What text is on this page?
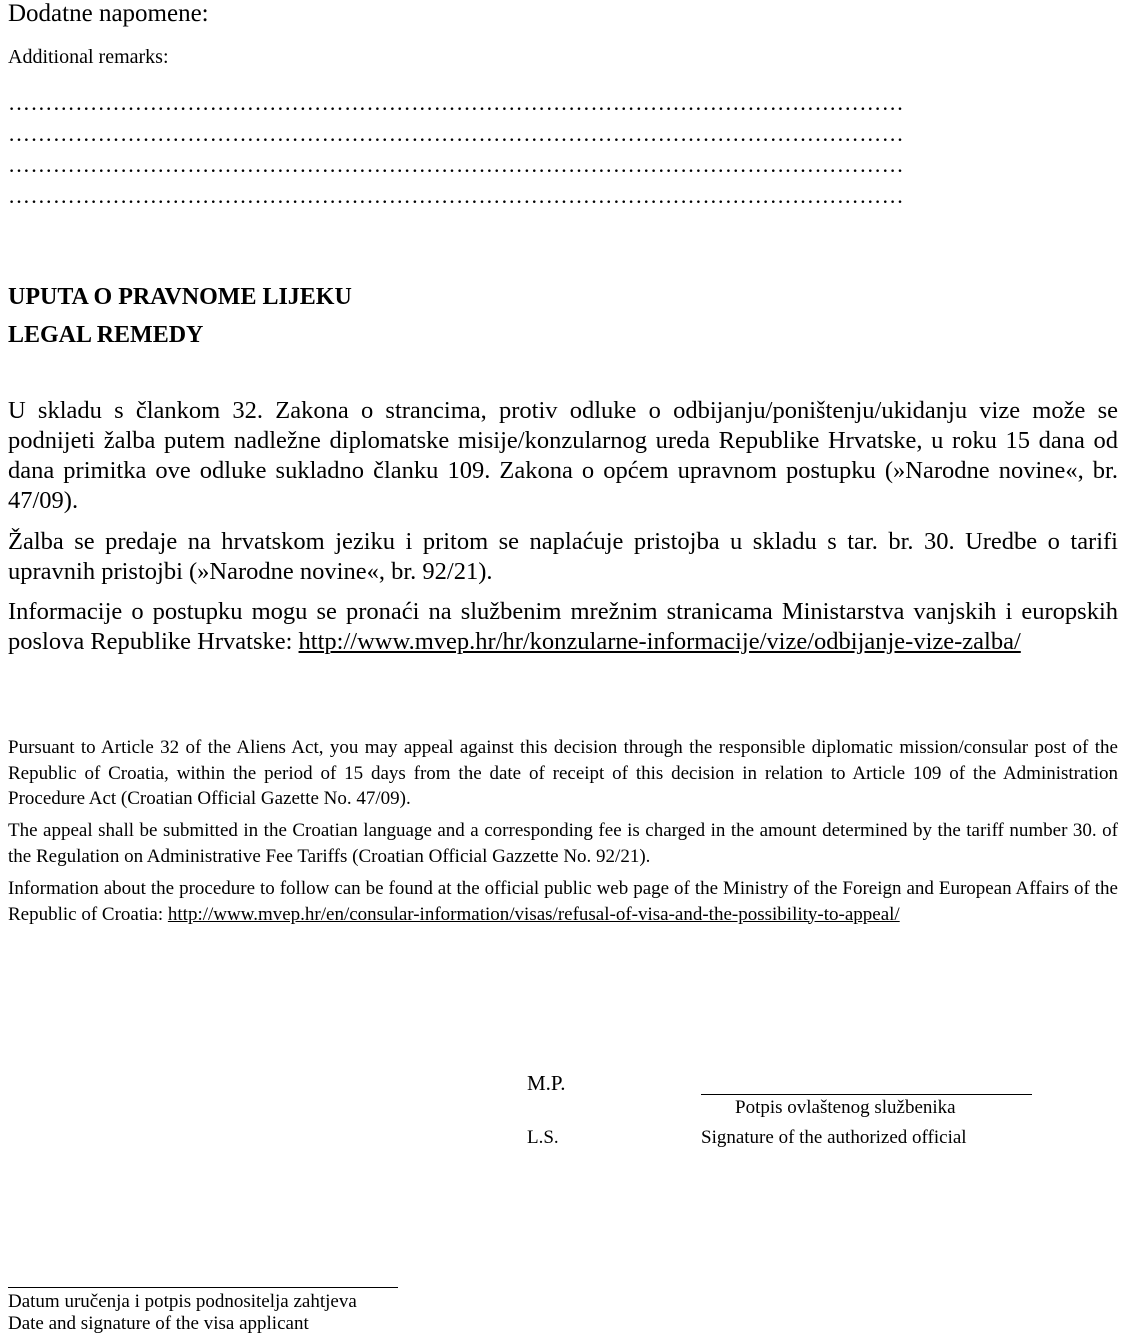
Dodatne napomene:

Additional remarks:

…………………………………………………………………………………………………………

…………………………………………………………………………………………………………

…………………………………………………………………………………………………………

…………………………………………………………………………………………………………

UPUTA O PRAVNOME LIJEKU

LEGAL REMEDY

U skladu s člankom 32. Zakona o strancima, protiv odluke o odbijanju/poništenju/ukidanju vize može se podnijeti žalba putem nadležne diplomatske misije/konzularnog ureda Republike Hrvatske, u roku 15 dana od dana primitka ove odluke sukladno članku 109. Zakona o općem upravnom postupku (»Narodne novine«, br. 47/09).

Žalba se predaje na hrvatskom jeziku i pritom se naplaćuje pristojba u skladu s tar. br. 30. Uredbe o tarifi upravnih pristojbi (»Narodne novine«, br. 92/21).

Informacije o postupku mogu se pronaći na službenim mrežnim stranicama Ministarstva vanjskih i europskih poslova Republike Hrvatske: http://www.mvep.hr/hr/konzularne-informacije/vize/odbijanje-vize-zalba/

Pursuant to Article 32 of the Aliens Act, you may appeal against this decision through the responsible diplomatic mission/consular post of the Republic of Croatia, within the period of 15 days from the date of receipt of this decision in relation to Article 109 of the Administration Procedure Act (Croatian Official Gazette No. 47/09).

The appeal shall be submitted in the Croatian language and a corresponding fee is charged in the amount determined by the tariff number 30. of the Regulation on Administrative Fee Tariffs (Croatian Official Gazzette No. 92/21).

Information about the procedure to follow can be found at the official public web page of the Ministry of the Foreign and European Affairs of the Republic of Croatia: http://www.mvep.hr/en/consular-information/visas/refusal-of-visa-and-the-possibility-to-appeal/

M.P.

L.S.

Potpis ovlaštenog službenika

Signature of the authorized official

Datum uručenja i potpis podnositelja zahtjeva

Date and signature of the visa applicant
